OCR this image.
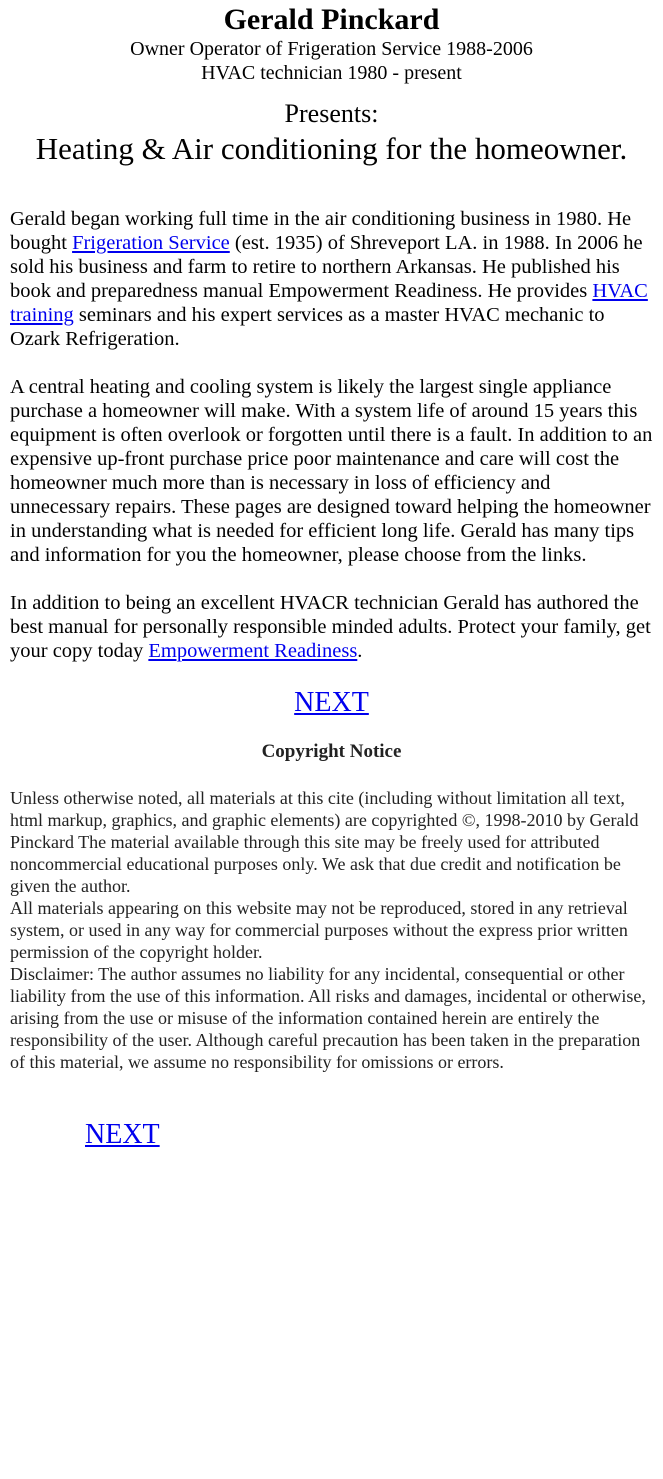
Gerald Pinckard
Owner Operator of Frigeration Service 1988-2006
HVAC technician 1980 - present
Presents:
Heating & Air conditioning for the homeowner.

Gerald began working full time in the air conditioning business in 1980. He bought Frigeration Service (est. 1935) of Shreveport LA. in 1988. In 2006 he sold his business and farm to retire to northern Arkansas. He published his book and preparedness manual Empowerment Readiness. He provides HVAC training seminars and his expert services as a master HVAC mechanic to Ozark Refrigeration.

A central heating and cooling system is likely the largest single appliance purchase a homeowner will make. With a system life of around 15 years this equipment is often overlook or forgotten until there is a fault. In addition to an expensive up-front purchase price poor maintenance and care will cost the homeowner much more than is necessary in loss of efficiency and unnecessary repairs. These pages are designed toward helping the homeowner in understanding what is needed for efficient long life. Gerald has many tips and information for you the homeowner, please choose from the links.

In addition to being an excellent HVACR technician Gerald has authored the best manual for personally responsible minded adults. Protect your family, get your copy today Empowerment Readiness.

NEXT
Copyright Notice

Unless otherwise noted, all materials at this cite (including without limitation all text, html markup, graphics, and graphic elements) are copyrighted ©, 1998-2010 by Gerald Pinckard The material available through this site may be freely used for attributed noncommercial educational purposes only. We ask that due credit and notification be given the author.

All materials appearing on this website may not be reproduced, stored in any retrieval system, or used in any way for commercial purposes without the express prior written permission of the copyright holder.

Disclaimer: The author assumes no liability for any incidental, consequential or other liability from the use of this information. All risks and damages, incidental or otherwise, arising from the use or misuse of the information contained herein are entirely the responsibility of the user. Although careful precaution has been taken in the preparation of this material, we assume no responsibility for omissions or errors.

NEXT
